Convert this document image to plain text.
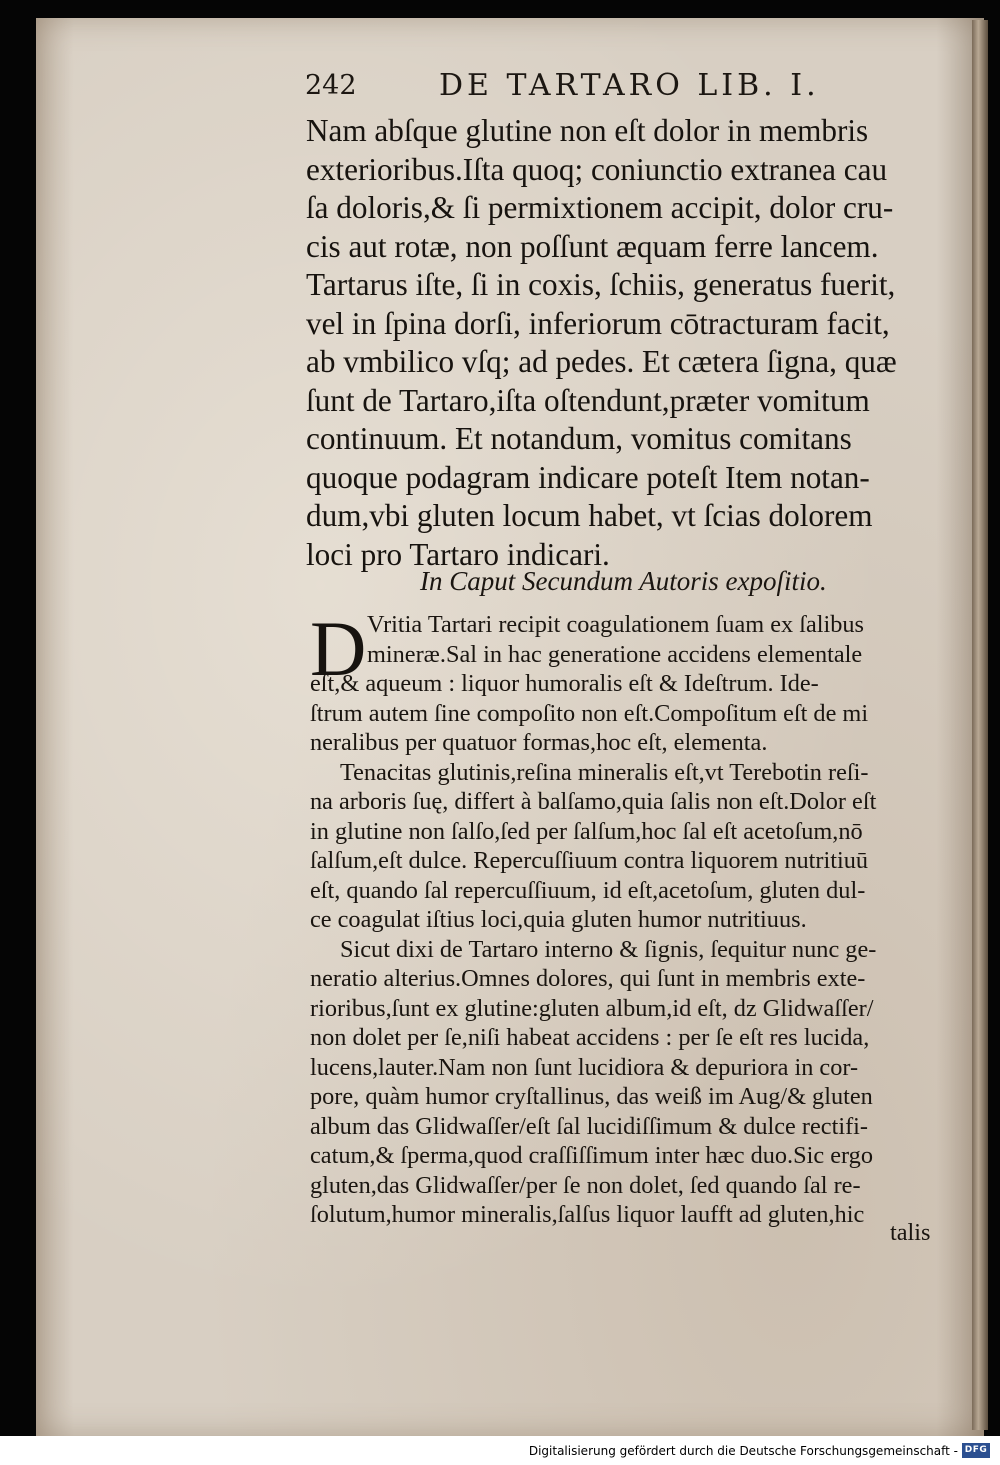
242	DE TARTARO LIB. I.
Nam abſque glutine non eſt dolor in membris
exterioribus.Iſta quoq; coniunctio extranea cau
ſa doloris,& ſi permixtionem accipit, dolor cru-
cis aut rotæ, non poſſunt æquam ferre lancem.
Tartarus iſte, ſi in coxis, ſchiis, generatus fuerit,
vel in ſpina dorſi, inferiorum cōtracturam facit,
ab vmbilico vſq; ad pedes. Et cætera ſigna, quæ
ſunt de Tartaro,iſta oſtendunt,præter vomitum
continuum. Et notandum, vomitus comitans
quoque podagram indicare poteſt Item notan-
dum,vbi gluten locum habet, vt ſcias dolorem
loci pro Tartaro indicari.
In Caput Secundum Autoris expoſitio.
D Vritia Tartari recipit coagulationem ſuam ex ſalibus
mineræ.Sal in hac generatione accidens elementale
eſt,& aqueum : liquor humoralis eſt & Ideſtrum. Ide-
ſtrum autem ſine compoſito non eſt.Compoſitum eſt de mi
neralibus per quatuor formas,hoc eſt, elementa.
Tenacitas glutinis,reſina mineralis eſt,vt Terebotin reſi-
na arboris ſuę, differt à balſamo,quia ſalis non eſt.Dolor eſt
in glutine non ſalſo,ſed per ſalſum,hoc ſal eſt acetoſum,nō
ſalſum,eſt dulce. Repercuſſiuum contra liquorem nutritiuū
eſt, quando ſal repercuſſiuum, id eſt,acetoſum, gluten dul-
ce coagulat iſtius loci,quia gluten humor nutritiuus.
Sicut dixi de Tartaro interno & ſignis, ſequitur nunc ge-
neratio alterius.Omnes dolores, qui ſunt in membris exte-
rioribus,ſunt ex glutine:gluten album,id eſt, dz Glidwaſſer/
non dolet per ſe,niſi habeat accidens : per ſe eſt res lucida,
lucens,lauter.Nam non ſunt lucidiora & depuriora in cor-
pore, quàm humor cryſtallinus, das weiß im Aug/& gluten
album das Glidwaſſer/eſt ſal lucidiſſimum & dulce rectifi-
catum,& ſperma,quod craſſiſſimum inter hæc duo.Sic ergo
gluten,das Glidwaſſer/per ſe non dolet, ſed quando ſal re-
ſolutum,humor mineralis,ſalſus liquor laufft ad gluten,hic
talis
Digitalisierung gefördert durch die Deutsche Forschungsgemeinschaft - DFG
